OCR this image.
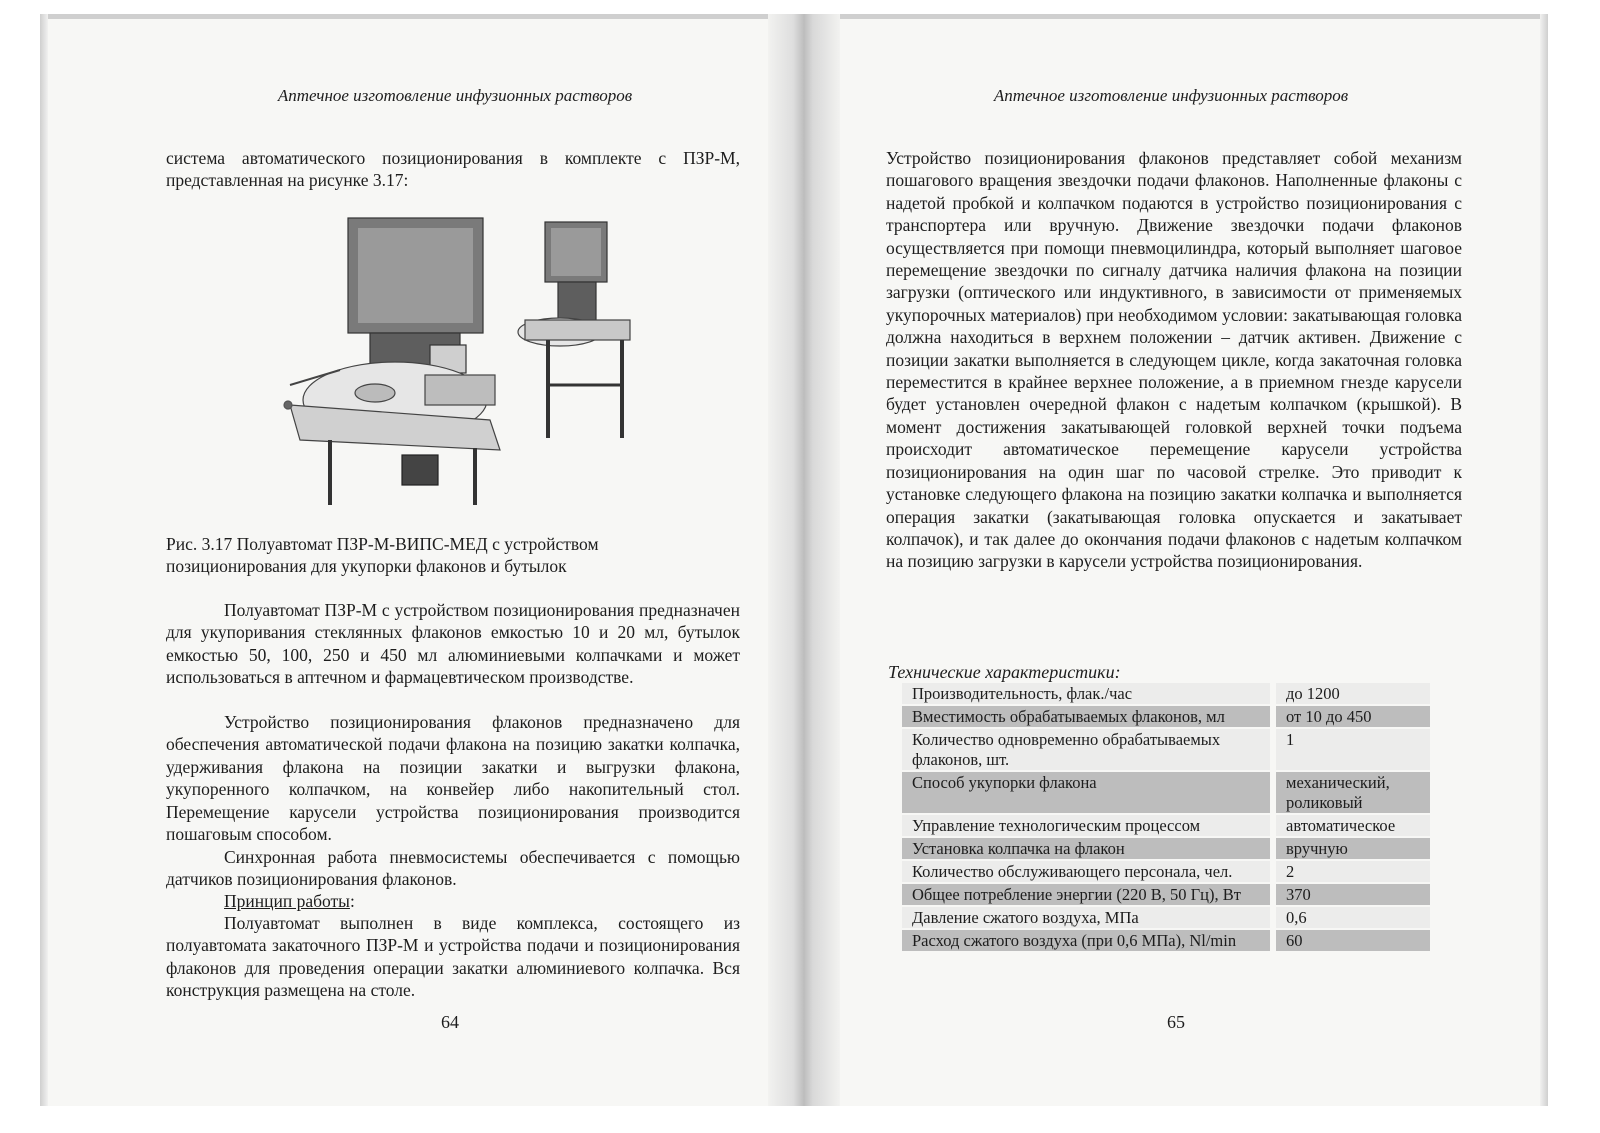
Аптечное изготовление инфузионных растворов

система автоматического позиционирования в комплекте с ПЗР-М,

представленная на рисунке 3.17:

Рис. 3.17 Полуавтомат ПЗР-М-ВИПС-МЕД с устройством
позиционирования для укупорки флаконов и бутылок

Полуавтомат ПЗР-М с устройством позиционирования предназначен для укупоривания стеклянных флаконов емкостью 10 и 20 мл, бутылок емкостью 50, 100, 250 и 450 мл алюминиевыми колпачками и может использоваться в аптечном и фармацевтическом производстве.

Устройство позиционирования флаконов предназначено для обеспечения автоматической подачи флакона на позицию закатки колпачка, удерживания флакона на позиции закатки и выгрузки флакона, укупоренного колпачком, на конвейер либо накопительный стол. Перемещение карусели устройства позиционирования производится пошаговым способом.

Синхронная работа пневмосистемы обеспечивается с помощью датчиков позиционирования флаконов.

Принцип работы:

Полуавтомат выполнен в виде комплекса, состоящего из полуавтомата закаточного ПЗР-М и устройства подачи и позиционирования флаконов для проведения операции закатки алюминиевого колпачка. Вся конструкция размещена на столе.

64
Аптечное изготовление инфузионных растворов

Устройство позиционирования флаконов представляет собой механизм пошагового вращения звездочки подачи флаконов. Наполненные флаконы с надетой пробкой и колпачком подаются в устройство позиционирования с транспортера или вручную. Движение звездочки подачи флаконов осуществляется при помощи пневмоцилиндра, который выполняет шаговое перемещение звездочки по сигналу датчика наличия флакона на позиции загрузки (оптического или индуктивного, в зависимости от применяемых укупорочных материалов) при необходимом условии: закатывающая головка должна находиться в верхнем положении – датчик активен. Движение с позиции закатки выполняется в следующем цикле, когда закаточная головка переместится в крайнее верхнее положение, а в приемном гнезде карусели будет установлен очередной флакон с надетым колпачком (крышкой). В момент достижения закатывающей головкой верхней точки подъема происходит автоматическое перемещение карусели устройства позиционирования на один шаг по часовой стрелке. Это приводит к установке следующего флакона на позицию закатки колпачка и выполняется операция закатки (закатывающая головка опускается и закатывает колпачок), и так далее до окончания подачи флаконов с надетым колпачком на позицию загрузки в карусели устройства позиционирования.

Технические характеристики:
Производительность, флак./час	до 1200
Вместимость обрабатываемых флаконов, мл	от 10 до 450
Количество одновременно обрабатываемых флаконов, шт.	1
Способ укупорки флакона	механический, роликовый
Управление технологическим процессом	автоматическое
Установка колпачка на флакон	вручную
Количество обслуживающего персонала, чел.	2
Общее потребление энергии (220 В, 50 Гц), Вт	370
Давление сжатого воздуха, МПа	0,6
Расход сжатого воздуха (при 0,6 МПа), Nl/min	60
65
